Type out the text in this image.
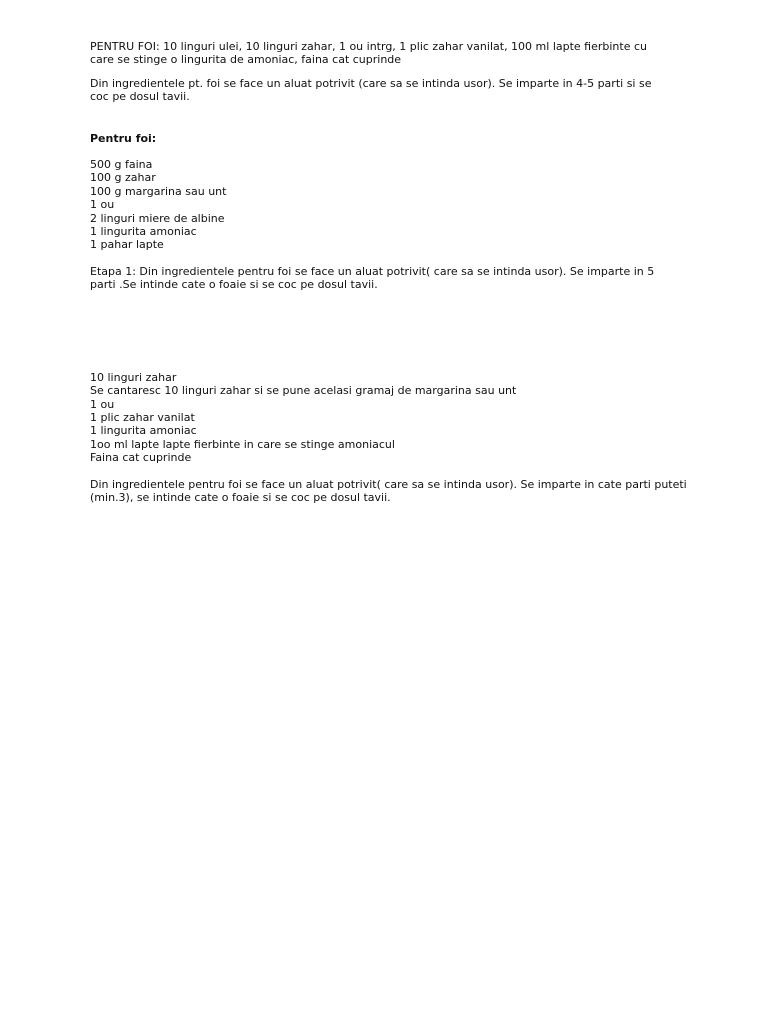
PENTRU FOI: 10 linguri ulei, 10 linguri zahar, 1 ou intrg, 1 plic zahar vanilat, 100 ml lapte fierbinte cu
care se stinge o lingurita de amoniac, faina cat cuprinde

Din ingredientele pt. foi se face un aluat potrivit (care sa se intinda usor). Se imparte in 4-5 parti si se
coc pe dosul tavii.

Pentru foi:

500 g faina
100 g zahar
100 g margarina sau unt
1 ou
2 linguri miere de albine
1 lingurita amoniac
1 pahar lapte

Etapa 1: Din ingredientele pentru foi se face un aluat potrivit( care sa se intinda usor). Se imparte in 5
parti .Se intinde cate o foaie si se coc pe dosul tavii.

10 linguri zahar
Se cantaresc 10 linguri zahar si se pune acelasi gramaj de margarina sau unt
1 ou
1 plic zahar vanilat
1 lingurita amoniac
1oo ml lapte lapte fierbinte in care se stinge amoniacul
Faina cat cuprinde

Din ingredientele pentru foi se face un aluat potrivit( care sa se intinda usor). Se imparte in cate parti puteti
(min.3), se intinde cate o foaie si se coc pe dosul tavii.
